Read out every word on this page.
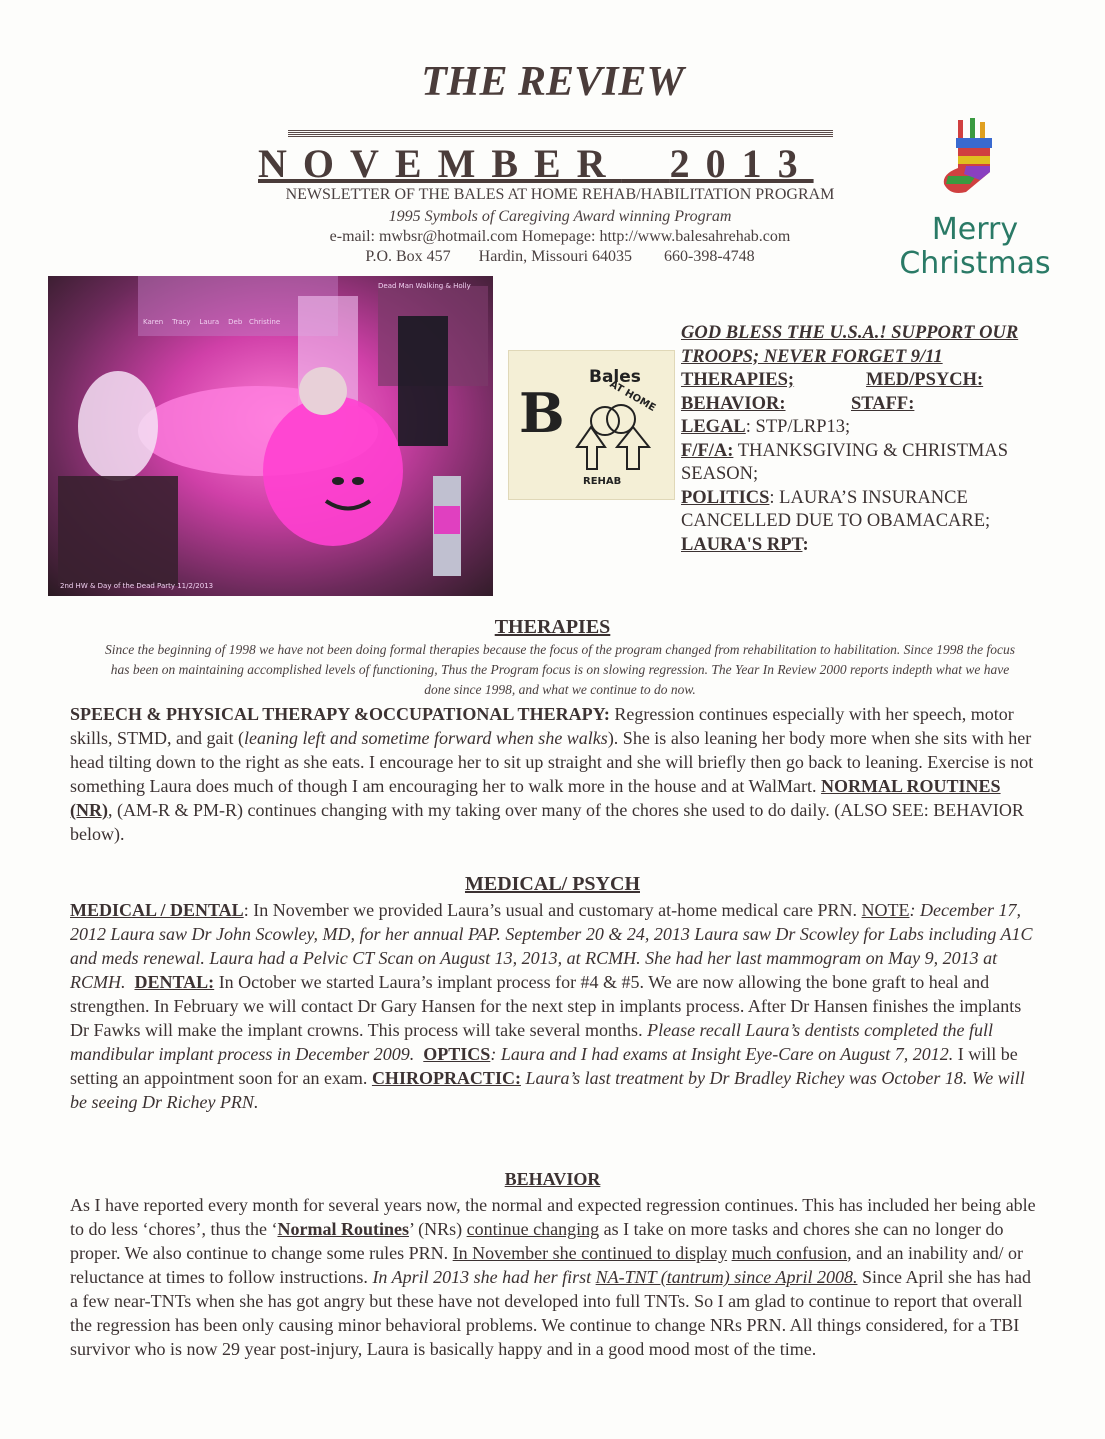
THE REVIEW
NOVEMBER 2013
NEWSLETTER OF THE BALES AT HOME REHAB/HABILITATION PROGRAM
1995 Symbols of Caregiving Award winning Program
e-mail: mwbsr@hotmail.com Homepage: http://www.balesahrehab.com
P.O. Box 457       Hardin, Missouri 64035        660-398-4748
Merry
Christmas
Dead Man Walking & Holly
Karen    Tracy    Laura    Deb   Christine
2nd HW & Day of the Dead Party 11/2/2013
B
Bales
AT HOME
REHAB
GOD BLESS THE U.S.A.! SUPPORT OUR TROOPS; NEVER FORGET 9/11
THERAPIES;	MED/PSYCH:
BEHAVIOR:	STAFF:
LEGAL: STP/LRP13;
F/F/A: THANKSGIVING & CHRISTMAS SEASON;
POLITICS: LAURA’S INSURANCE CANCELLED DUE TO OBAMACARE;
LAURA'S RPT:
THERAPIES
Since the beginning of 1998 we have not been doing formal therapies because the focus of the program changed from rehabilitation to habilitation. Since 1998 the focus has been on maintaining accomplished levels of functioning, Thus the Program focus is on slowing regression. The Year In Review 2000 reports indepth what we have done since 1998, and what we continue to do now.
SPEECH & PHYSICAL THERAPY &OCCUPATIONAL THERAPY: Regression continues especially with her speech, motor skills, STMD, and gait (leaning left and sometime forward when she walks). She is also leaning her body more when she sits with her head tilting down to the right as she eats. I encourage her to sit up straight and she will briefly then go back to leaning. Exercise is not something Laura does much of though I am encouraging her to walk more in the house and at WalMart. NORMAL ROUTINES (NR), (AM-R & PM-R) continues changing with my taking over many of the chores she used to do daily. (ALSO SEE: BEHAVIOR below).
MEDICAL/ PSYCH
MEDICAL / DENTAL: In November we provided Laura’s usual and customary at-home medical care PRN. NOTE: December 17, 2012 Laura saw Dr John Scowley, MD, for her annual PAP. September 20 & 24, 2013 Laura saw Dr Scowley for Labs including A1C and meds renewal. Laura had a Pelvic CT Scan on August 13, 2013, at RCMH. She had her last mammogram on May 9, 2013 at RCMH. DENTAL: In October we started Laura’s implant process for #4 & #5. We are now allowing the bone graft to heal and strengthen. In February we will contact Dr Gary Hansen for the next step in implants process. After Dr Hansen finishes the implants Dr Fawks will make the implant crowns. This process will take several months. Please recall Laura’s dentists completed the full mandibular implant process in December 2009. OPTICS: Laura and I had exams at Insight Eye-Care on August 7, 2012. I will be setting an appointment soon for an exam. CHIROPRACTIC: Laura’s last treatment by Dr Bradley Richey was October 18. We will be seeing Dr Richey PRN.
BEHAVIOR
As I have reported every month for several years now, the normal and expected regression continues. This has included her being able to do less ‘chores’, thus the ‘Normal Routines’ (NRs) continue changing as I take on more tasks and chores she can no longer do proper. We also continue to change some rules PRN. In November she continued to display much confusion, and an inability and/ or reluctance at times to follow instructions. In April 2013 she had her first NA-TNT (tantrum) since April 2008. Since April she has had a few near-TNTs when she has got angry but these have not developed into full TNTs. So I am glad to continue to report that overall the regression has been only causing minor behavioral problems. We continue to change NRs PRN. All things considered, for a TBI survivor who is now 29 year post-injury, Laura is basically happy and in a good mood most of the time.
